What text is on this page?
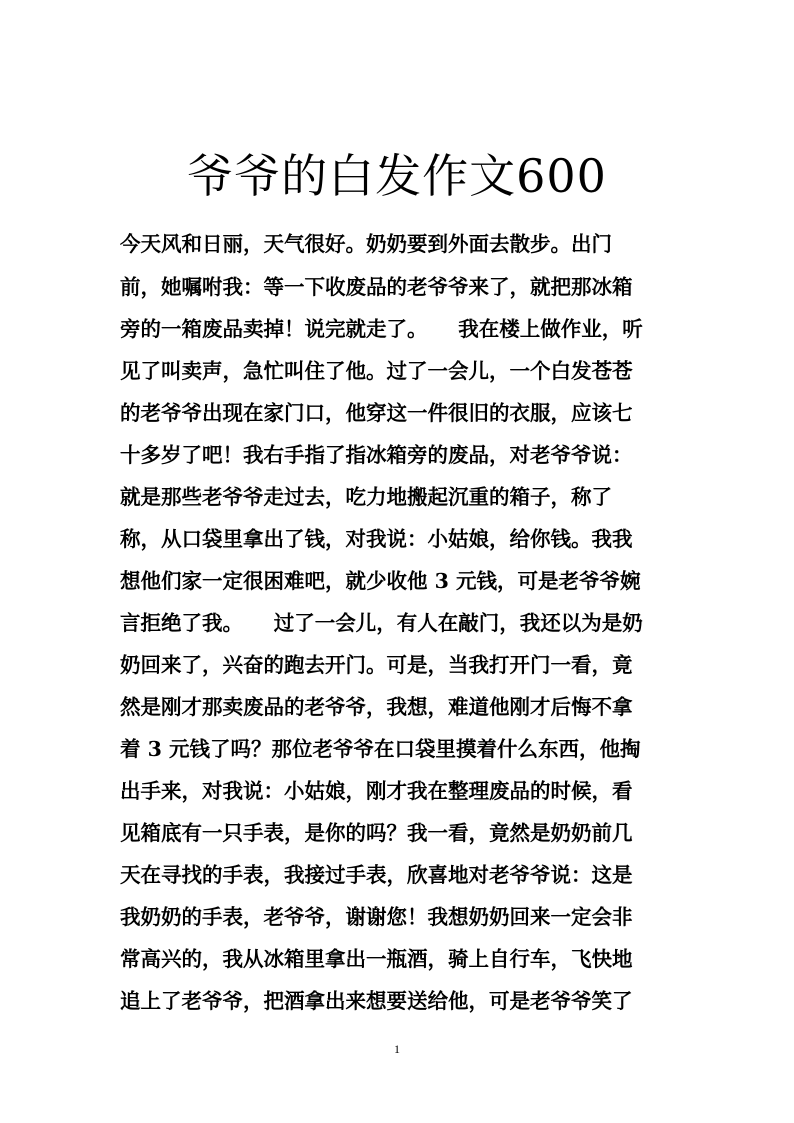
爷爷的白发作文600
今天风和日丽，天气很好。奶奶要到外面去散步。出门
前，她嘱咐我：等一下收废品的老爷爷来了，就把那冰箱
旁的一箱废品卖掉！说完就走了。　　我在楼上做作业，听
见了叫卖声，急忙叫住了他。过了一会儿，一个白发苍苍
的老爷爷出现在家门口，他穿这一件很旧的衣服，应该七
十多岁了吧！我右手指了指冰箱旁的废品，对老爷爷说：
就是那些老爷爷走过去，吃力地搬起沉重的箱子，称了
称，从口袋里拿出了钱，对我说：小姑娘，给你钱。我我
想他们家一定很困难吧，就少收他 3 元钱，可是老爷爷婉
言拒绝了我。　　过了一会儿，有人在敲门，我还以为是奶
奶回来了，兴奋的跑去开门。可是，当我打开门一看，竟
然是刚才那卖废品的老爷爷，我想，难道他刚才后悔不拿
着 3 元钱了吗？那位老爷爷在口袋里摸着什么东西，他掏
出手来，对我说：小姑娘，刚才我在整理废品的时候，看
见箱底有一只手表，是你的吗？我一看，竟然是奶奶前几
天在寻找的手表，我接过手表，欣喜地对老爷爷说：这是
我奶奶的手表，老爷爷，谢谢您！我想奶奶回来一定会非
常高兴的，我从冰箱里拿出一瓶酒，骑上自行车，飞快地
追上了老爷爷，把酒拿出来想要送给他，可是老爷爷笑了
1
